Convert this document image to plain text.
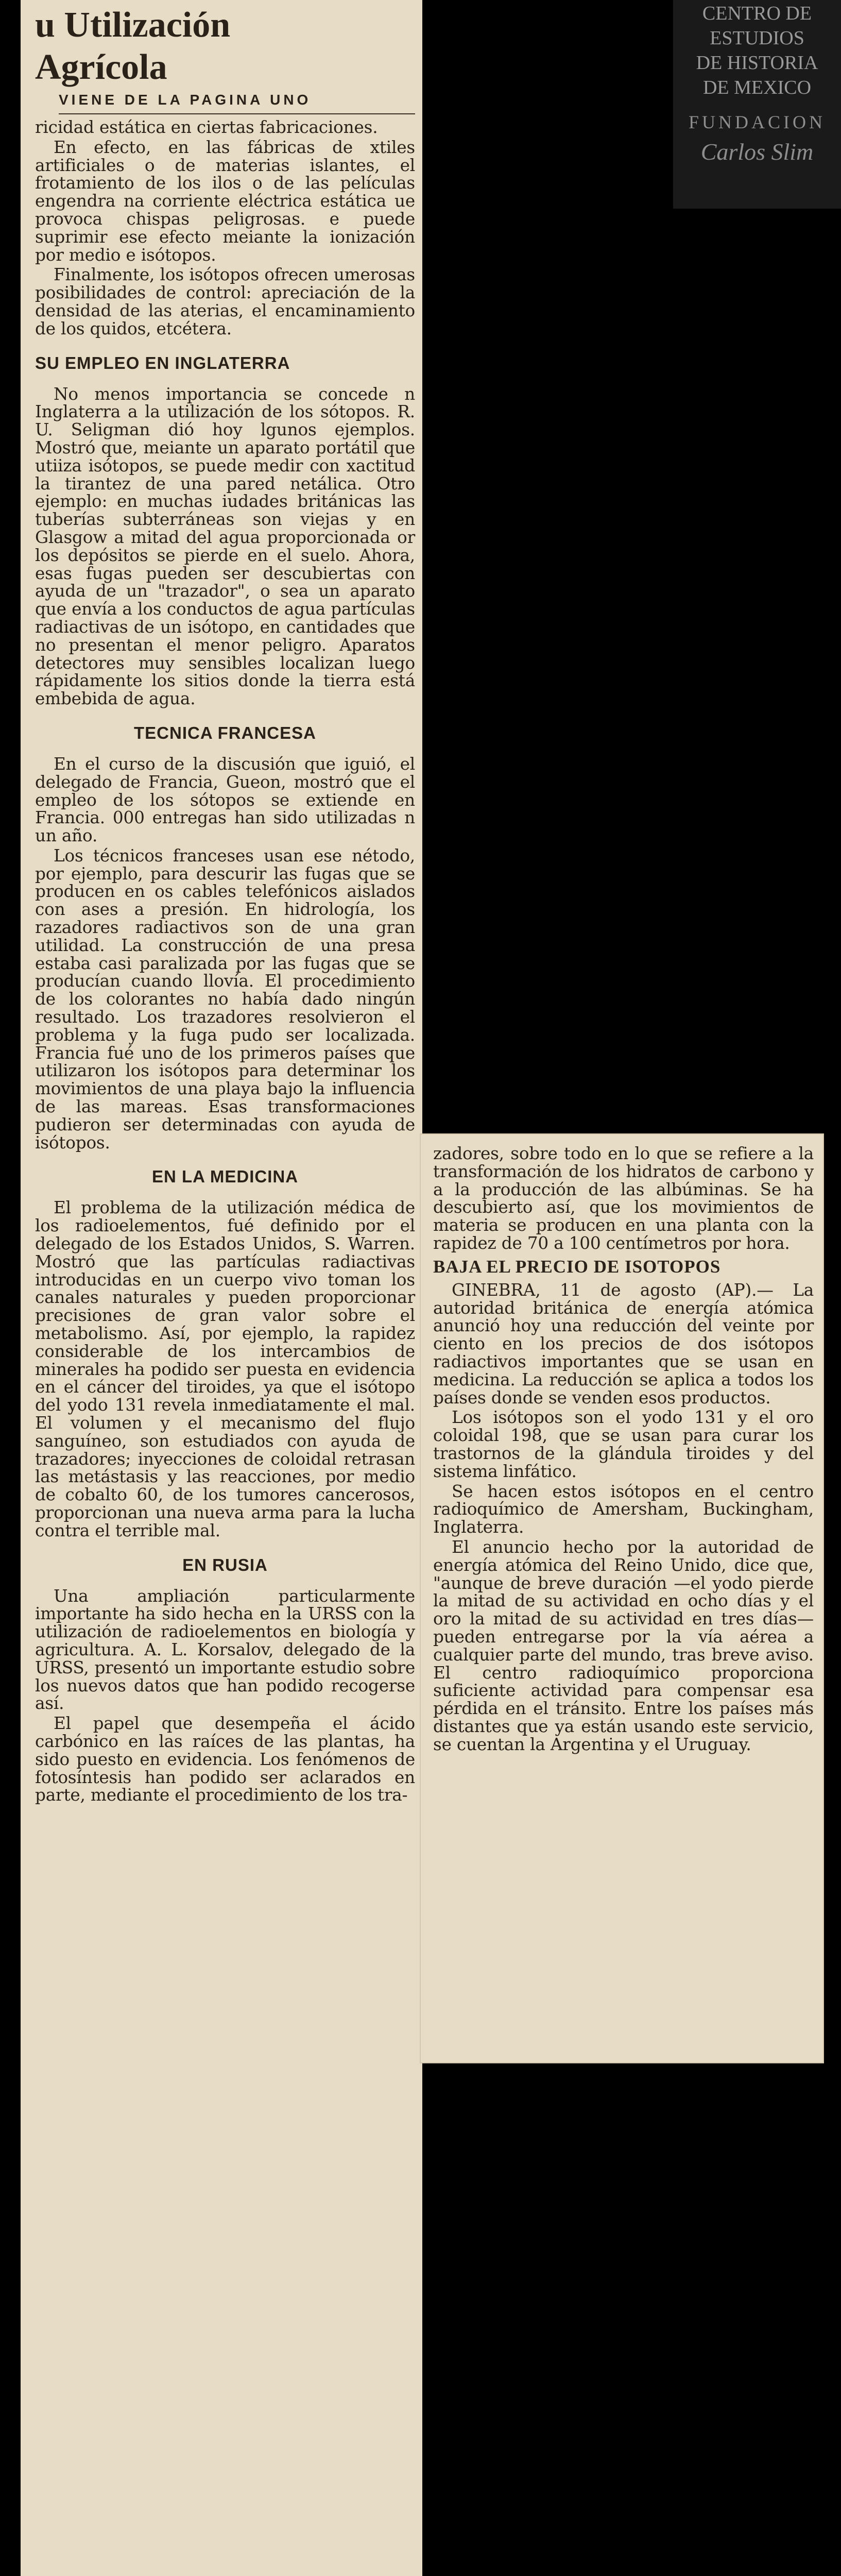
u Utilización
Agrícola
VIENE DE LA PAGINA UNO

ricidad estática en ciertas fabricaciones.

En efecto, en las fábricas de xtiles artificiales o de materias islantes, el frotamiento de los ilos o de las películas engendra na corriente eléctrica estática ue provoca chispas peligrosas. e puede suprimir ese efecto meiante la ionización por medio e isótopos.

Finalmente, los isótopos ofrecen umerosas posibilidades de control: apreciación de la densidad de las aterias, el encaminamiento de los quidos, etcétera.

SU EMPLEO EN INGLATERRA

No menos importancia se concede n Inglaterra a la utilización de los sótopos. R. U. Seligman dió hoy lgunos ejemplos. Mostró que, meiante un aparato portátil que utiiza isótopos, se puede medir con xactitud la tirantez de una pared netálica. Otro ejemplo: en muchas iudades británicas las tuberías subterráneas son viejas y en Glasgow a mitad del agua proporcionada or los depósitos se pierde en el suelo. Ahora, esas fugas pueden ser descubiertas con ayuda de un "trazador", o sea un aparato que envía a los conductos de agua partículas radiactivas de un isótopo, en cantidades que no presentan el menor peligro. Aparatos detectores muy sensibles localizan luego rápidamente los sitios donde la tierra está embebida de agua.

TECNICA FRANCESA

En el curso de la discusión que iguió, el delegado de Francia, Gueon, mostró que el empleo de los sótopos se extiende en Francia. 000 entregas han sido utilizadas n un año.

Los técnicos franceses usan ese nétodo, por ejemplo, para descurir las fugas que se producen en os cables telefónicos aislados con ases a presión. En hidrología, los razadores radiactivos son de una gran utilidad. La construcción de una presa estaba casi paralizada por las fugas que se producían cuando llovía. El procedimiento de los colorantes no había dado ningún resultado. Los trazadores resolvieron el problema y la fuga pudo ser localizada. Francia fué uno de los primeros países que utilizaron los isótopos para determinar los movimientos de una playa bajo la influencia de las mareas. Esas transformaciones pudieron ser determinadas con ayuda de isótopos.

EN LA MEDICINA

El problema de la utilización médica de los radioelementos, fué definido por el delegado de los Estados Unidos, S. Warren. Mostró que las partículas radiactivas introducidas en un cuerpo vivo toman los canales naturales y pueden proporcionar precisiones de gran valor sobre el metabolismo. Así, por ejemplo, la rapidez considerable de los intercambios de minerales ha podido ser puesta en evidencia en el cáncer del tiroides, ya que el isótopo del yodo 131 revela inmediatamente el mal. El volumen y el mecanismo del flujo sanguíneo, son estudiados con ayuda de trazadores; inyecciones de coloidal retrasan las metástasis y las reacciones, por medio de cobalto 60, de los tumores cancerosos, proporcionan una nueva arma para la lucha contra el terrible mal.

EN RUSIA

Una ampliación particularmente importante ha sido hecha en la URSS con la utilización de radioelementos en biología y agricultura. A. L. Korsalov, delegado de la URSS, presentó un importante estudio sobre los nuevos datos que han podido recogerse así.

El papel que desempeña el ácido carbónico en las raíces de las plantas, ha sido puesto en evidencia. Los fenómenos de fotosíntesis han podido ser aclarados en parte, mediante el procedimiento de los tra-

zadores, sobre todo en lo que se refiere a la transformación de los hidratos de carbono y a la producción de las albúminas. Se ha descubierto así, que los movimientos de materia se producen en una planta con la rapidez de 70 a 100 centímetros por hora.

BAJA EL PRECIO DE ISOTOPOS

GINEBRA, 11 de agosto (AP).— La autoridad británica de energía atómica anunció hoy una reducción del veinte por ciento en los precios de dos isótopos radiactivos importantes que se usan en medicina. La reducción se aplica a todos los países donde se venden esos productos.

Los isótopos son el yodo 131 y el oro coloidal 198, que se usan para curar los trastornos de la glándula tiroides y del sistema linfático.

Se hacen estos isótopos en el centro radioquímico de Amersham, Buckingham, Inglaterra.

El anuncio hecho por la autoridad de energía atómica del Reino Unido, dice que, "aunque de breve duración —el yodo pierde la mitad de su actividad en ocho días y el oro la mitad de su actividad en tres días— pueden entregarse por la vía aérea a cualquier parte del mundo, tras breve aviso. El centro radioquímico proporciona suficiente actividad para compensar esa pérdida en el tránsito. Entre los países más distantes que ya están usando este servicio, se cuentan la Argentina y el Uruguay.

CENTRO DE
ESTUDIOS
DE HISTORIA
DE MEXICO
FUNDACION
Carlos Slim
